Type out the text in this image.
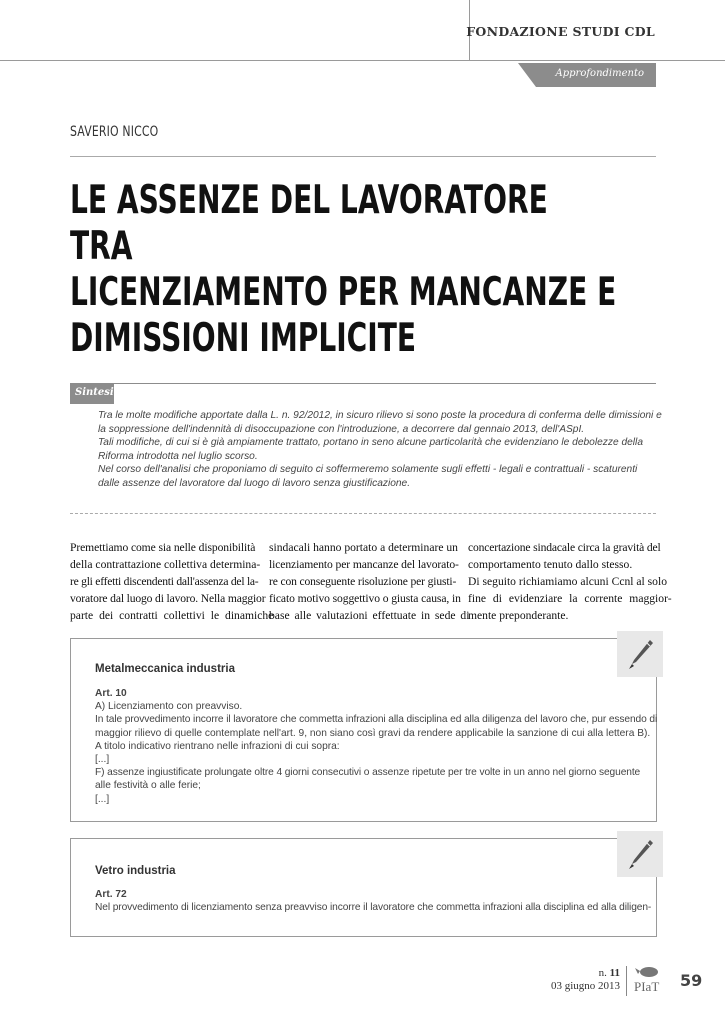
FONDAZIONE STUDI CDL
Approfondimento
SAVERIO NICCO
LE ASSENZE DEL LAVORATORE TRA
LICENZIAMENTO PER MANCANZE E
DIMISSIONI IMPLICITE
Sintesi

Tra le molte modifiche apportate dalla L. n. 92/2012, in sicuro rilievo si sono poste la procedura di conferma delle dimissioni e

la soppressione dell'indennità di disoccupazione con l'introduzione, a decorrere dal gennaio 2013, dell'ASpI.

Tali modifiche, di cui si è già ampiamente trattato, portano in seno alcune particolarità che evidenziano le debolezze della

Riforma introdotta nel luglio scorso.

Nel corso dell'analisi che proponiamo di seguito ci soffermeremo solamente sugli effetti - legali e contrattuali - scaturenti

dalle assenze del lavoratore dal luogo di lavoro senza giustificazione.

Premettiamo come sia nelle disponibilità

della contrattazione collettiva determina-

re gli effetti discendenti dall'assenza del la-

voratore dal luogo di lavoro. Nella maggior

parte dei contratti collettivi le dinamiche

sindacali hanno portato a determinare un

licenziamento per mancanze del lavorato-

re con conseguente risoluzione per giusti-

ficato motivo soggettivo o giusta causa, in

base alle valutazioni effettuate in sede di

concertazione sindacale circa la gravità del

comportamento tenuto dallo stesso.

Di seguito richiamiamo alcuni Ccnl al solo

fine di evidenziare la corrente maggior-

mente preponderante.

Metalmeccanica industria

Art. 10

A) Licenziamento con preavviso.

In tale provvedimento incorre il lavoratore che commetta infrazioni alla disciplina ed alla diligenza del lavoro che, pur essendo di

maggior rilievo di quelle contemplate nell'art. 9, non siano così gravi da rendere applicabile la sanzione di cui alla lettera B).

A titolo indicativo rientrano nelle infrazioni di cui sopra:

[...]

F) assenze ingiustificate prolungate oltre 4 giorni consecutivi o assenze ripetute per tre volte in un anno nel giorno seguente

alle festività o alle ferie;

[...]

Vetro industria

Art. 72

Nel provvedimento di licenziamento senza preavviso incorre il lavoratore che commetta infrazioni alla disciplina ed alla diligen-

n. 11
03 giugno 2013 PIaT 59
